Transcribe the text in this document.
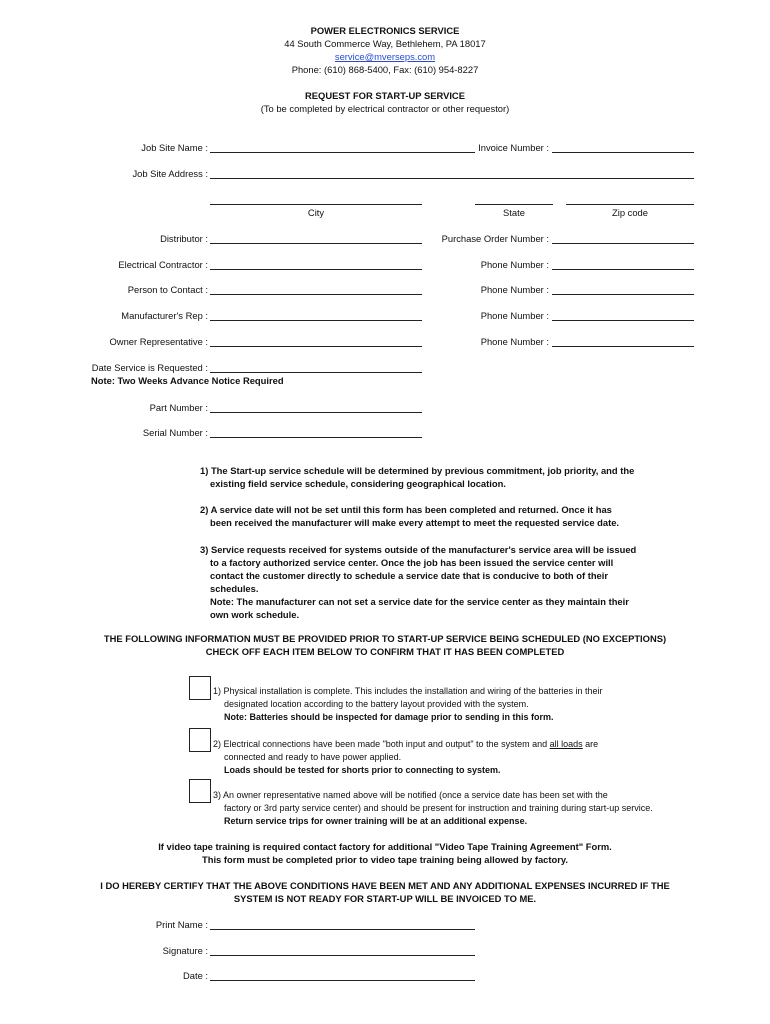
POWER ELECTRONICS SERVICE
44 South Commerce Way, Bethlehem, PA 18017
service@mverseps.com
Phone: (610) 868-5400, Fax: (610) 954-8227
REQUEST FOR START-UP SERVICE
(To be completed by electrical contractor or other requestor)
Job Site Name :	Invoice Number :
Job Site Address :
City	State	Zip code
Distributor :	Purchase Order Number :
Electrical Contractor :	Phone Number :
Person to Contact :	Phone Number :
Manufacturer's Rep :	Phone Number :
Owner Representative :	Phone Number :
Date Service is Requested :
Note: Two Weeks Advance Notice Required
Part Number :
Serial Number :
1) The Start-up service schedule will be determined by previous commitment, job priority, and the
existing field service schedule, considering geographical location.
2) A service date will not be set until this form has been completed and returned. Once it has
been received the manufacturer will make every attempt to meet the requested service date.
3) Service requests received for systems outside of the manufacturer's service area will be issued
to a factory authorized service center. Once the job has been issued the service center will
contact the customer directly to schedule a service date that is conducive to both of their
schedules.
Note: The manufacturer can not set a service date for the service center as they maintain their
own work schedule.
THE FOLLOWING INFORMATION MUST BE PROVIDED PRIOR TO START-UP SERVICE BEING SCHEDULED (NO EXCEPTIONS)
CHECK OFF EACH ITEM BELOW TO CONFIRM THAT IT HAS BEEN COMPLETED
1) Physical installation is complete. This includes the installation and wiring of the batteries in their
designated location according to the battery layout provided with the system.
Note: Batteries should be inspected for damage prior to sending in this form.
2) Electrical connections have been made "both input and output" to the system and all loads are
connected and ready to have power applied.
Loads should be tested for shorts prior to connecting to system.
3) An owner representative named above will be notified (once a service date has been set with the
factory or 3rd party service center) and should be present for instruction and training during start-up service.
Return service trips for owner training will be at an additional expense.
If video tape training is required contact factory for additional "Video Tape Training Agreement" Form.
This form must be completed prior to video tape training being allowed by factory.
I DO HEREBY CERTIFY THAT THE ABOVE CONDITIONS HAVE BEEN MET AND ANY ADDITIONAL EXPENSES INCURRED IF THE
SYSTEM IS NOT READY FOR START-UP WILL BE INVOICED TO ME.
Print Name :
Signature :
Date :
